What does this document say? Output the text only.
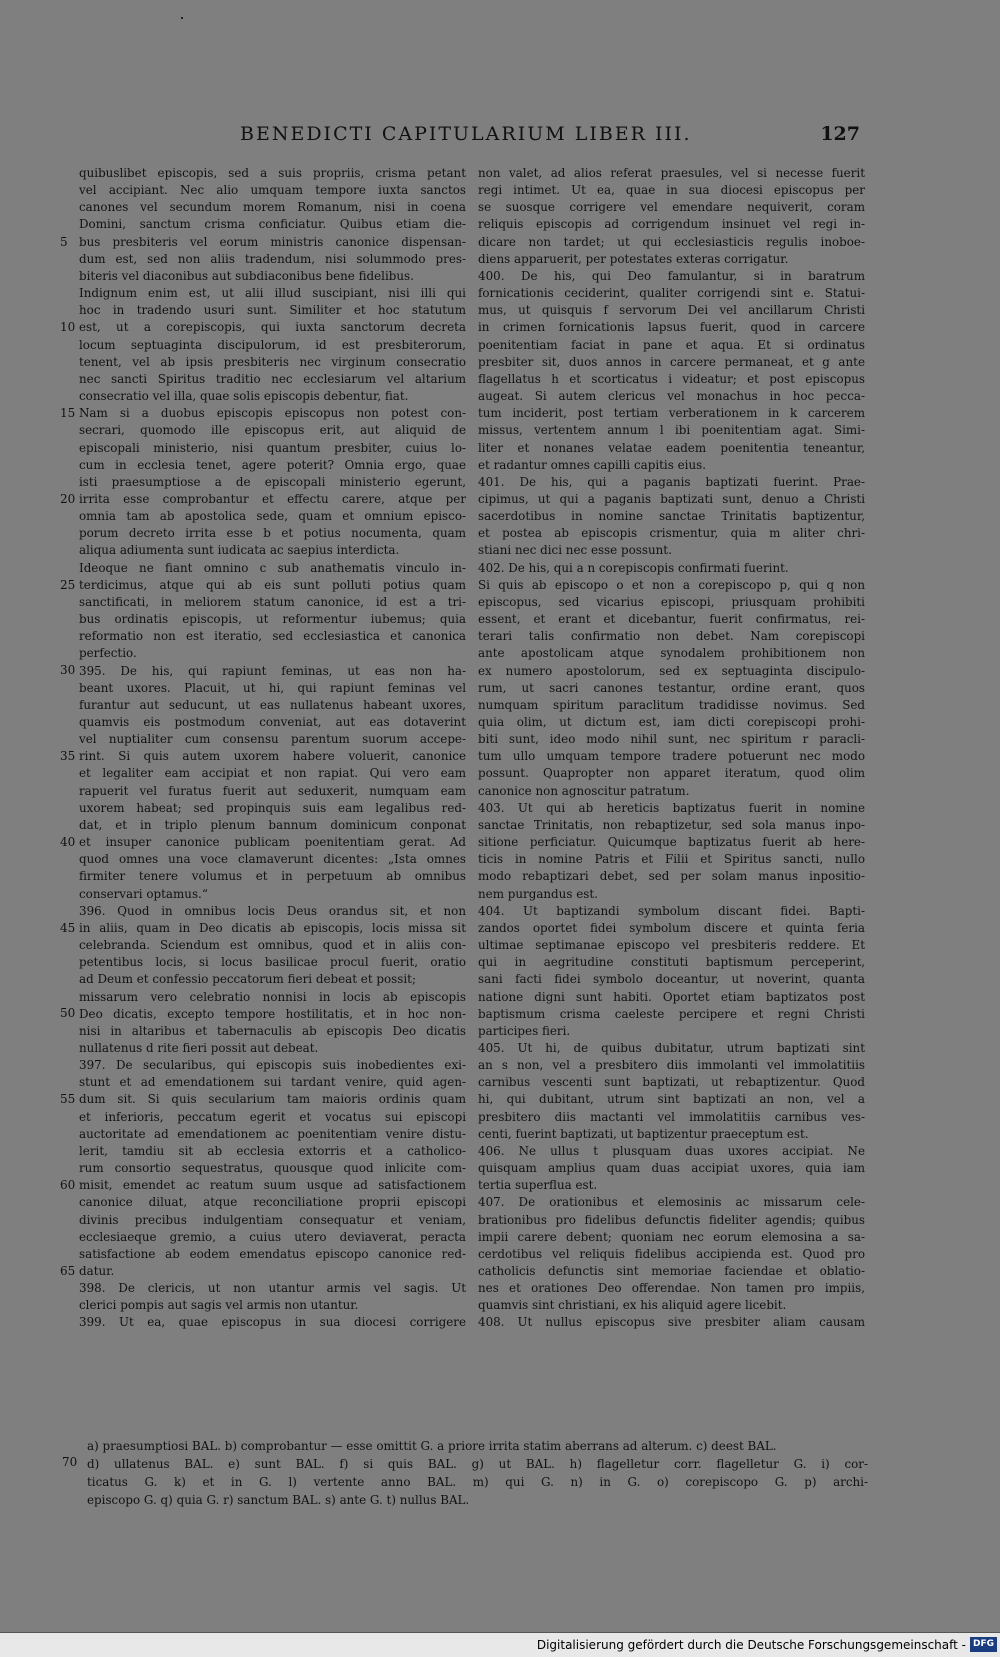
BENEDICTI CAPITULARIUM LIBER III.	127
5
10
15
20
25
30
35
40
45
50
55
60
65
quibuslibet episcopis, sed a suis propriis, crisma petant
vel accipiant. Nec alio umquam tempore iuxta sanctos
canones vel secundum morem Romanum, nisi in coena
Domini, sanctum crisma conficiatur. Quibus etiam die-
bus presbiteris vel eorum ministris canonice dispensan-
dum est, sed non aliis tradendum, nisi solummodo pres-
biteris vel diaconibus aut subdiaconibus bene fidelibus.
Indignum enim est, ut alii illud suscipiant, nisi illi qui
hoc in tradendo usuri sunt. Similiter et hoc statutum
est, ut a corepiscopis, qui iuxta sanctorum decreta
locum septuaginta discipulorum, id est presbiterorum,
tenent, vel ab ipsis presbiteris nec virginum consecratio
nec sancti Spiritus traditio nec ecclesiarum vel altarium
consecratio vel illa, quae solis episcopis debentur, fiat.
Nam si a duobus episcopis episcopus non potest con-
secrari, quomodo ille episcopus erit, aut aliquid de
episcopali ministerio, nisi quantum presbiter, cuius lo-
cum in ecclesia tenet, agere poterit? Omnia ergo, quae
isti praesumptiose a de episcopali ministerio egerunt,
irrita esse comprobantur et effectu carere, atque per
omnia tam ab apostolica sede, quam et omnium episco-
porum decreto irrita esse b et potius nocumenta, quam
aliqua adiumenta sunt iudicata ac saepius interdicta.
Ideoque ne fiant omnino c sub anathematis vinculo in-
terdicimus, atque qui ab eis sunt polluti potius quam
sanctificati, in meliorem statum canonice, id est a tri-
bus ordinatis episcopis, ut reformentur iubemus; quia
reformatio non est iteratio, sed ecclesiastica et canonica
perfectio.
395. De his, qui rapiunt feminas, ut eas non ha-
beant uxores. Placuit, ut hi, qui rapiunt feminas vel
furantur aut seducunt, ut eas nullatenus habeant uxores,
quamvis eis postmodum conveniat, aut eas dotaverint
vel nuptialiter cum consensu parentum suorum accepe-
rint. Si quis autem uxorem habere voluerit, canonice
et legaliter eam accipiat et non rapiat. Qui vero eam
rapuerit vel furatus fuerit aut seduxerit, numquam eam
uxorem habeat; sed propinquis suis eam legalibus red-
dat, et in triplo plenum bannum dominicum conponat
et insuper canonice publicam poenitentiam gerat. Ad
quod omnes una voce clamaverunt dicentes: „Ista omnes
firmiter tenere volumus et in perpetuum ab omnibus
conservari optamus.“
396. Quod in omnibus locis Deus orandus sit, et non
in aliis, quam in Deo dicatis ab episcopis, locis missa sit
celebranda. Sciendum est omnibus, quod et in aliis con-
petentibus locis, si locus basilicae procul fuerit, oratio
ad Deum et confessio peccatorum fieri debeat et possit;
missarum vero celebratio nonnisi in locis ab episcopis
Deo dicatis, excepto tempore hostilitatis, et in hoc non-
nisi in altaribus et tabernaculis ab episcopis Deo dicatis
nullatenus d rite fieri possit aut debeat.
397. De secularibus, qui episcopis suis inobedientes exi-
stunt et ad emendationem sui tardant venire, quid agen-
dum sit. Si quis secularium tam maioris ordinis quam
et inferioris, peccatum egerit et vocatus sui episcopi
auctoritate ad emendationem ac poenitentiam venire distu-
lerit, tamdiu sit ab ecclesia extorris et a catholico-
rum consortio sequestratus, quousque quod inlicite com-
misit, emendet ac reatum suum usque ad satisfactionem
canonice diluat, atque reconciliatione proprii episcopi
divinis precibus indulgentiam consequatur et veniam,
ecclesiaeque gremio, a cuius utero deviaverat, peracta
satisfactione ab eodem emendatus episcopo canonice red-
datur.
398. De clericis, ut non utantur armis vel sagis. Ut
clerici pompis aut sagis vel armis non utantur.
399. Ut ea, quae episcopus in sua diocesi corrigere
non valet, ad alios referat praesules, vel si necesse fuerit
regi intimet. Ut ea, quae in sua diocesi episcopus per
se suosque corrigere vel emendare nequiverit, coram
reliquis episcopis ad corrigendum insinuet vel regi in-
dicare non tardet; ut qui ecclesiasticis regulis inoboe-
diens apparuerit, per potestates exteras corrigatur.
400. De his, qui Deo famulantur, si in baratrum
fornicationis ceciderint, qualiter corrigendi sint e. Statui-
mus, ut quisquis f servorum Dei vel ancillarum Christi
in crimen fornicationis lapsus fuerit, quod in carcere
poenitentiam faciat in pane et aqua. Et si ordinatus
presbiter sit, duos annos in carcere permaneat, et g ante
flagellatus h et scorticatus i videatur; et post episcopus
augeat. Si autem clericus vel monachus in hoc pecca-
tum inciderit, post tertiam verberationem in k carcerem
missus, vertentem annum l ibi poenitentiam agat. Simi-
liter et nonanes velatae eadem poenitentia teneantur,
et radantur omnes capilli capitis eius.
401. De his, qui a paganis baptizati fuerint. Prae-
cipimus, ut qui a paganis baptizati sunt, denuo a Christi
sacerdotibus in nomine sanctae Trinitatis baptizentur,
et postea ab episcopis crismentur, quia m aliter chri-
stiani nec dici nec esse possunt.
402. De his, qui a n corepiscopis confirmati fuerint.
Si quis ab episcopo o et non a corepiscopo p, qui q non
episcopus, sed vicarius episcopi, priusquam prohibiti
essent, et erant et dicebantur, fuerit confirmatus, rei-
terari talis confirmatio non debet. Nam corepiscopi
ante apostolicam atque synodalem prohibitionem non
ex numero apostolorum, sed ex septuaginta discipulo-
rum, ut sacri canones testantur, ordine erant, quos
numquam spiritum paraclitum tradidisse novimus. Sed
quia olim, ut dictum est, iam dicti corepiscopi prohi-
biti sunt, ideo modo nihil sunt, nec spiritum r paracli-
tum ullo umquam tempore tradere potuerunt nec modo
possunt. Quapropter non apparet iteratum, quod olim
canonice non agnoscitur patratum.
403. Ut qui ab hereticis baptizatus fuerit in nomine
sanctae Trinitatis, non rebaptizetur, sed sola manus inpo-
sitione perficiatur. Quicumque baptizatus fuerit ab here-
ticis in nomine Patris et Filii et Spiritus sancti, nullo
modo rebaptizari debet, sed per solam manus inpositio-
nem purgandus est.
404. Ut baptizandi symbolum discant fidei. Bapti-
zandos oportet fidei symbolum discere et quinta feria
ultimae septimanae episcopo vel presbiteris reddere. Et
qui in aegritudine constituti baptismum perceperint,
sani facti fidei symbolo doceantur, ut noverint, quanta
natione digni sunt habiti. Oportet etiam baptizatos post
baptismum crisma caeleste percipere et regni Christi
participes fieri.
405. Ut hi, de quibus dubitatur, utrum baptizati sint
an s non, vel a presbitero diis immolanti vel immolatitiis
carnibus vescenti sunt baptizati, ut rebaptizentur. Quod
hi, qui dubitant, utrum sint baptizati an non, vel a
presbitero diis mactanti vel immolatitiis carnibus ves-
centi, fuerint baptizati, ut baptizentur praeceptum est.
406. Ne ullus t plusquam duas uxores accipiat. Ne
quisquam amplius quam duas accipiat uxores, quia iam
tertia superflua est.
407. De orationibus et elemosinis ac missarum cele-
brationibus pro fidelibus defunctis fideliter agendis; quibus
impii carere debent; quoniam nec eorum elemosina a sa-
cerdotibus vel reliquis fidelibus accipienda est. Quod pro
catholicis defunctis sint memoriae faciendae et oblatio-
nes et orationes Deo offerendae. Non tamen pro impiis,
quamvis sint christiani, ex his aliquid agere licebit.
408. Ut nullus episcopus sive presbiter aliam causam
70
a) praesumptiosi BAL. b) comprobantur — esse omittit G. a priore irrita statim aberrans ad alterum. c) deest BAL.
d) ullatenus BAL. e) sunt BAL. f) si quis BAL. g) ut BAL. h) flagelletur corr. flagelletur G. i) cor-
ticatus G. k) et in G. l) vertente anno BAL. m) qui G. n) in G. o) corepiscopo G. p) archi-
episcopo G. q) quia G. r) sanctum BAL. s) ante G. t) nullus BAL.
Digitalisierung gefördert durch die Deutsche Forschungsgemeinschaft - DFG
